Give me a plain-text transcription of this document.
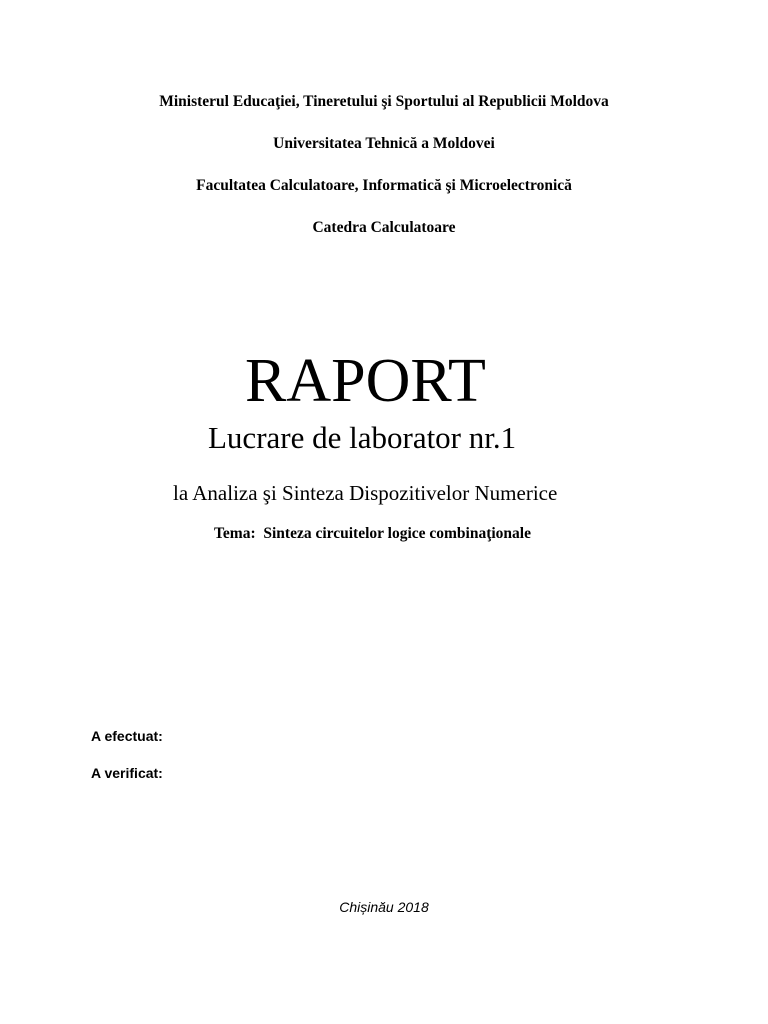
Ministerul Educaţiei, Tineretului şi Sportului al Republicii Moldova
Universitatea Tehnică a Moldovei
Facultatea Calculatoare, Informatică şi Microelectronică
Catedra Calculatoare
RAPORT
Lucrare de laborator nr.1
la Analiza şi Sinteza Dispozitivelor Numerice
Tema: Sinteza circuitelor logice combinaţionale
A efectuat:
A verificat:
Chișinău 2018
